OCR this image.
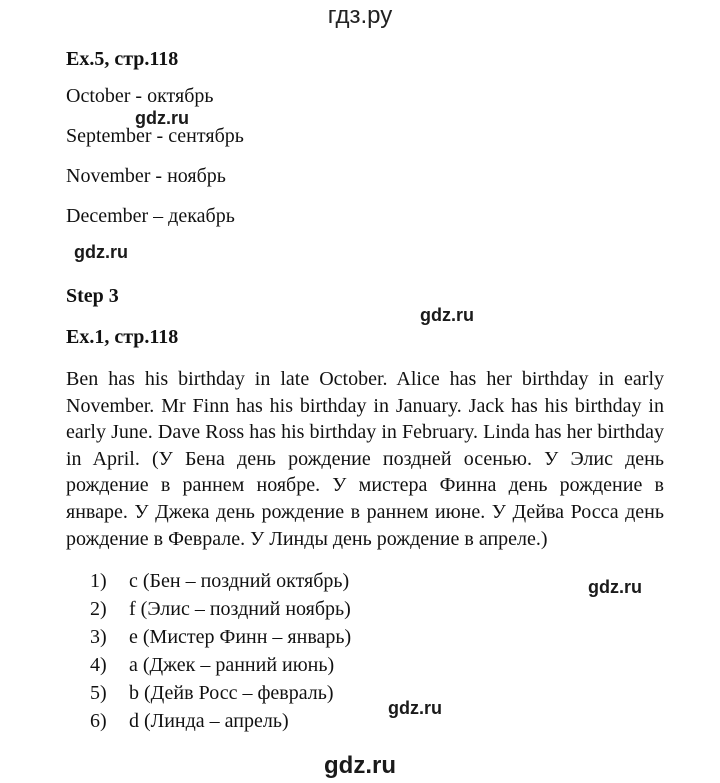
гдз.ру
Ex.5, стр.118
October - октябрь
September - сентябрь
November - ноябрь
December – декабрь
gdz.ru
gdz.ru
Step 3
gdz.ru
Ex.1, стр.118
Ben has his birthday in late October. Alice has her birthday in early November. Mr Finn has his birthday in January. Jack has his birthday in early June. Dave Ross has his birthday in February. Linda has her birthday in April. (У Бена день рождение поздней осенью. У Элис день рождение в раннем ноябре. У мистера Финна день рождение в январе. У Джека день рождение в раннем июне. У Дейва Росса день рождение в Феврале. У Линды день рождение в апреле.)
1) c (Бен – поздний октябрь)
2) f (Элис – поздний ноябрь)
3) e (Мистер Финн – январь)
4) a (Джек – ранний июнь)
5) b (Дейв Росс – февраль)
6) d (Линда – апрель)
gdz.ru
gdz.ru
gdz.ru
